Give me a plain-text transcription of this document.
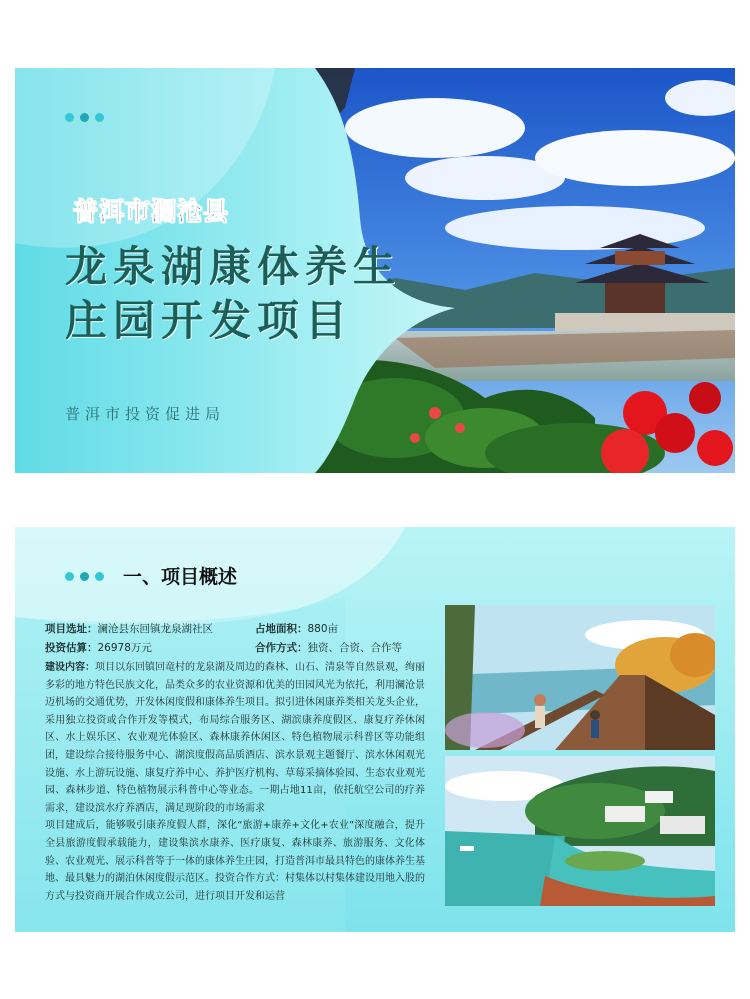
普洱市澜沧县
龙泉湖康体养生
庄园开发项目
普洱市投资促进局
一、项目概述
项目选址：澜沧县东回镇龙泉湖社区	占地面积：880亩
投资估算：26978万元	合作方式：独资、合资、合作等
建设内容：项目以东回镇回竜村的龙泉湖及周边的森林、山石、清泉等自然景观，绚丽多彩的地方特色民族文化，品类众多的农业资源和优美的田园风光为依托，利用澜沧景迈机场的交通优势，开发休闲度假和康体养生项目。拟引进休闲康养类相关龙头企业，采用独立投资或合作开发等模式，布局综合服务区、湖滨康养度假区、康复疗养休闲区、水上娱乐区、农业观光体验区、森林康养休闲区、特色植物展示科普区等功能组团，建设综合接待服务中心、湖滨度假高品质酒店、滨水景观主题餐厅、滨水休闲观光设施、水上游玩设施、康复疗养中心、养护医疗机构、草莓采摘体验园、生态农业观光园、森林步道、特色植物展示科普中心等业态。一期占地11亩，依托航空公司的疗养需求，建设滨水疗养酒店，满足现阶段的市场需求
项目建成后，能够吸引康养度假人群，深化“旅游+康养+文化+农业”深度融合，提升全县旅游度假承载能力，建设集滨水康养、医疗康复、森林康养、旅游服务、文化体验、农业观光、展示科普等于一体的康体养生庄园，打造普洱市最具特色的康体养生基地、最具魅力的湖泊休闲度假示范区。投资合作方式：村集体以村集体建设用地入股的方式与投资商开展合作成立公司，进行项目开发和运营
